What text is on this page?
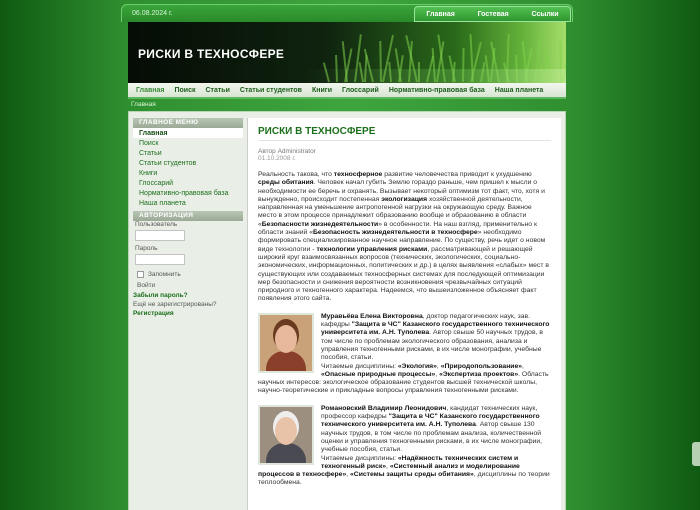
06.08.2024 г.	Главная	Гостевая	Ссылки
РИСКИ В ТЕХНОСФЕРЕ
Главная Поиск Статьи Статьи студентов Книги Глоссарий Нормативно-правовая база Наша планета
Главная
ГЛАВНОЕ МЕНЮ
Главная
Поиск
Статьи
Статьи студентов
Книги
Глоссарий
Нормативно-правовая база
Наша планета
АВТОРИЗАЦИЯ
Пользователь
Пароль
Запомнить
Войти
Забыли пароль?
Ещё не зарегистрированы?
Регистрация
РИСКИ В ТЕХНОСФЕРЕ
Автор Administrator
01.10.2008 г.
Реальность такова, что техносферное развитие человечества приводит к ухудшению среды обитания. Человек начал губить Землю гораздо раньше, чем пришел к мысли о необходимости ее беречь и охранять. Вызывает некоторый оптимизм тот факт, что, хотя и вынужденно, происходит постепенная экологизация хозяйственной деятельности, направленная на уменьшение антропогенной нагрузки на окружающую среду. Важное место в этом процессе принадлежит образованию вообще и образованию в области «Безопасности жизнедеятельности» в особенности. На наш взгляд, применительно к области знаний «Безопасность жизнедеятельности в техносфере» необходимо формировать специализированное научное направление. По существу, речь идет о новом виде технологии - технологии управления рисками, рассматривающей и решающей широкий круг взаимосвязанных вопросов (технических, экологических, социально-экономических, информационных, политических и др.) в целях выявления «слабых» мест в существующих или создаваемых техносферных системах для последующей оптимизации мер безопасности и снижения вероятности возникновения чрезвычайных ситуаций природного и техногенного характера. Надеемся, что вышеизложенное объясняет факт появления этого сайта.
Муравьёва Елена Викторовна, доктор педагогических наук, зав. кафедры "Защита в ЧС" Казанского государственного технического университета им. А.Н. Туполева. Автор свыше 50 научных трудов, в том числе по проблемам экологического образования, анализа и управления техногенными рисками, в их числе монографии, учебные пособия, статьи.
Читаемые дисциплины: «Экология», «Природопользование», «Опасные природные процессы», «Экспертиза проектов». Область научных интересов: экологическое образование студентов высшей технической школы, научно-теоретические и прикладные вопросы управления техногенными рисками.
Романовский Владимир Леонидович, кандидат технических наук, профессор кафедры "Защита в ЧС" Казанского государственного технического университета им. А.Н. Туполева. Автор свыше 130 научных трудов, в том числе по проблемам анализа, количественной оценки и управления техногенными рисками, в их числе монографии, учебные пособия, статьи.
Читаемые дисциплины: «Надёжность технических систем и техногенный риск», «Системный анализ и моделирование процессов в техносфере», «Системы защиты среды обитания», дисциплины по теории теплообмена.
